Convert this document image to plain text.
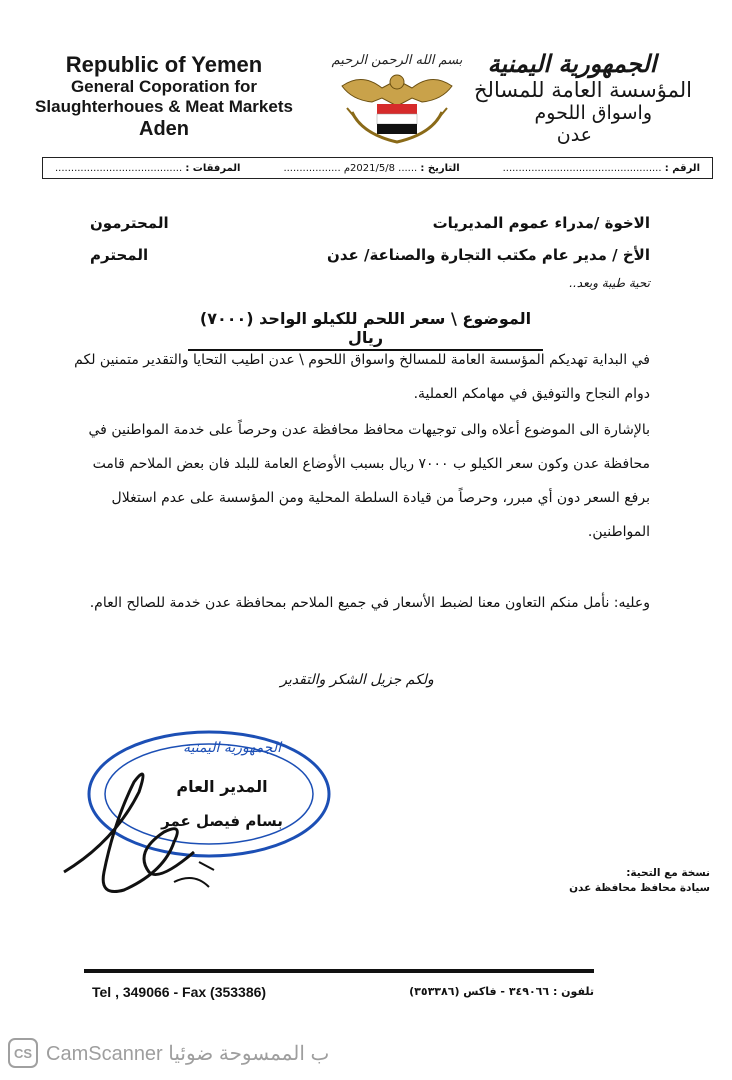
Republic of Yemen
General Coporation for
Slaughterhoues & Meat Markets
Aden
بسم الله الرحمن الرحيم	الجمهورية اليمنية
المؤسسة العامة للمسالخ
واسواق اللحوم
عدن
الرقم : ..................................................
التاريخ : ...... 2021/5/8م ..................
المرفقات : ........................................
الاخوة /مدراء عموم المديريات
المحترمون
الأخ / مدير عام مكتب التجارة والصناعة/ عدن
المحترم
تحية طيبة وبعد..
الموضوع \ سعر اللحم للكيلو الواحد (٧٠٠٠) ريال
في البداية تهديكم المؤسسة العامة للمسالخ واسواق اللحوم \ عدن اطيب التحايا والتقدير متمنين لكم دوام النجاح والتوفيق في مهامكم العملية.
بالإشارة الى الموضوع أعلاه والى توجيهات محافظ محافظة عدن وحرصاً على خدمة المواطنين في محافظة عدن وكون سعر الكيلو ب ٧٠٠٠ ريال بسبب الأوضاع العامة للبلد فان بعض الملاحم قامت برفع السعر دون أي مبرر، وحرصاً من قيادة السلطة المحلية ومن المؤسسة على عدم استغلال المواطنين.
وعليه: نأمل منكم التعاون معنا لضبط الأسعار في جميع الملاحم بمحافظة عدن خدمة للصالح العام.
ولكم جزيل الشكر والتقدير
الجمهورية اليمنية
المدير العام
بسام فيصل عمر
نسخة مع التحية:
سيادة محافظ محافظة عدن
Tel , 349066 - Fax (353386)	تلفون : ٣٤٩٠٦٦ - فاكس (٣٥٣٣٨٦)
CS CamScanner ب الممسوحة ضوئيا
